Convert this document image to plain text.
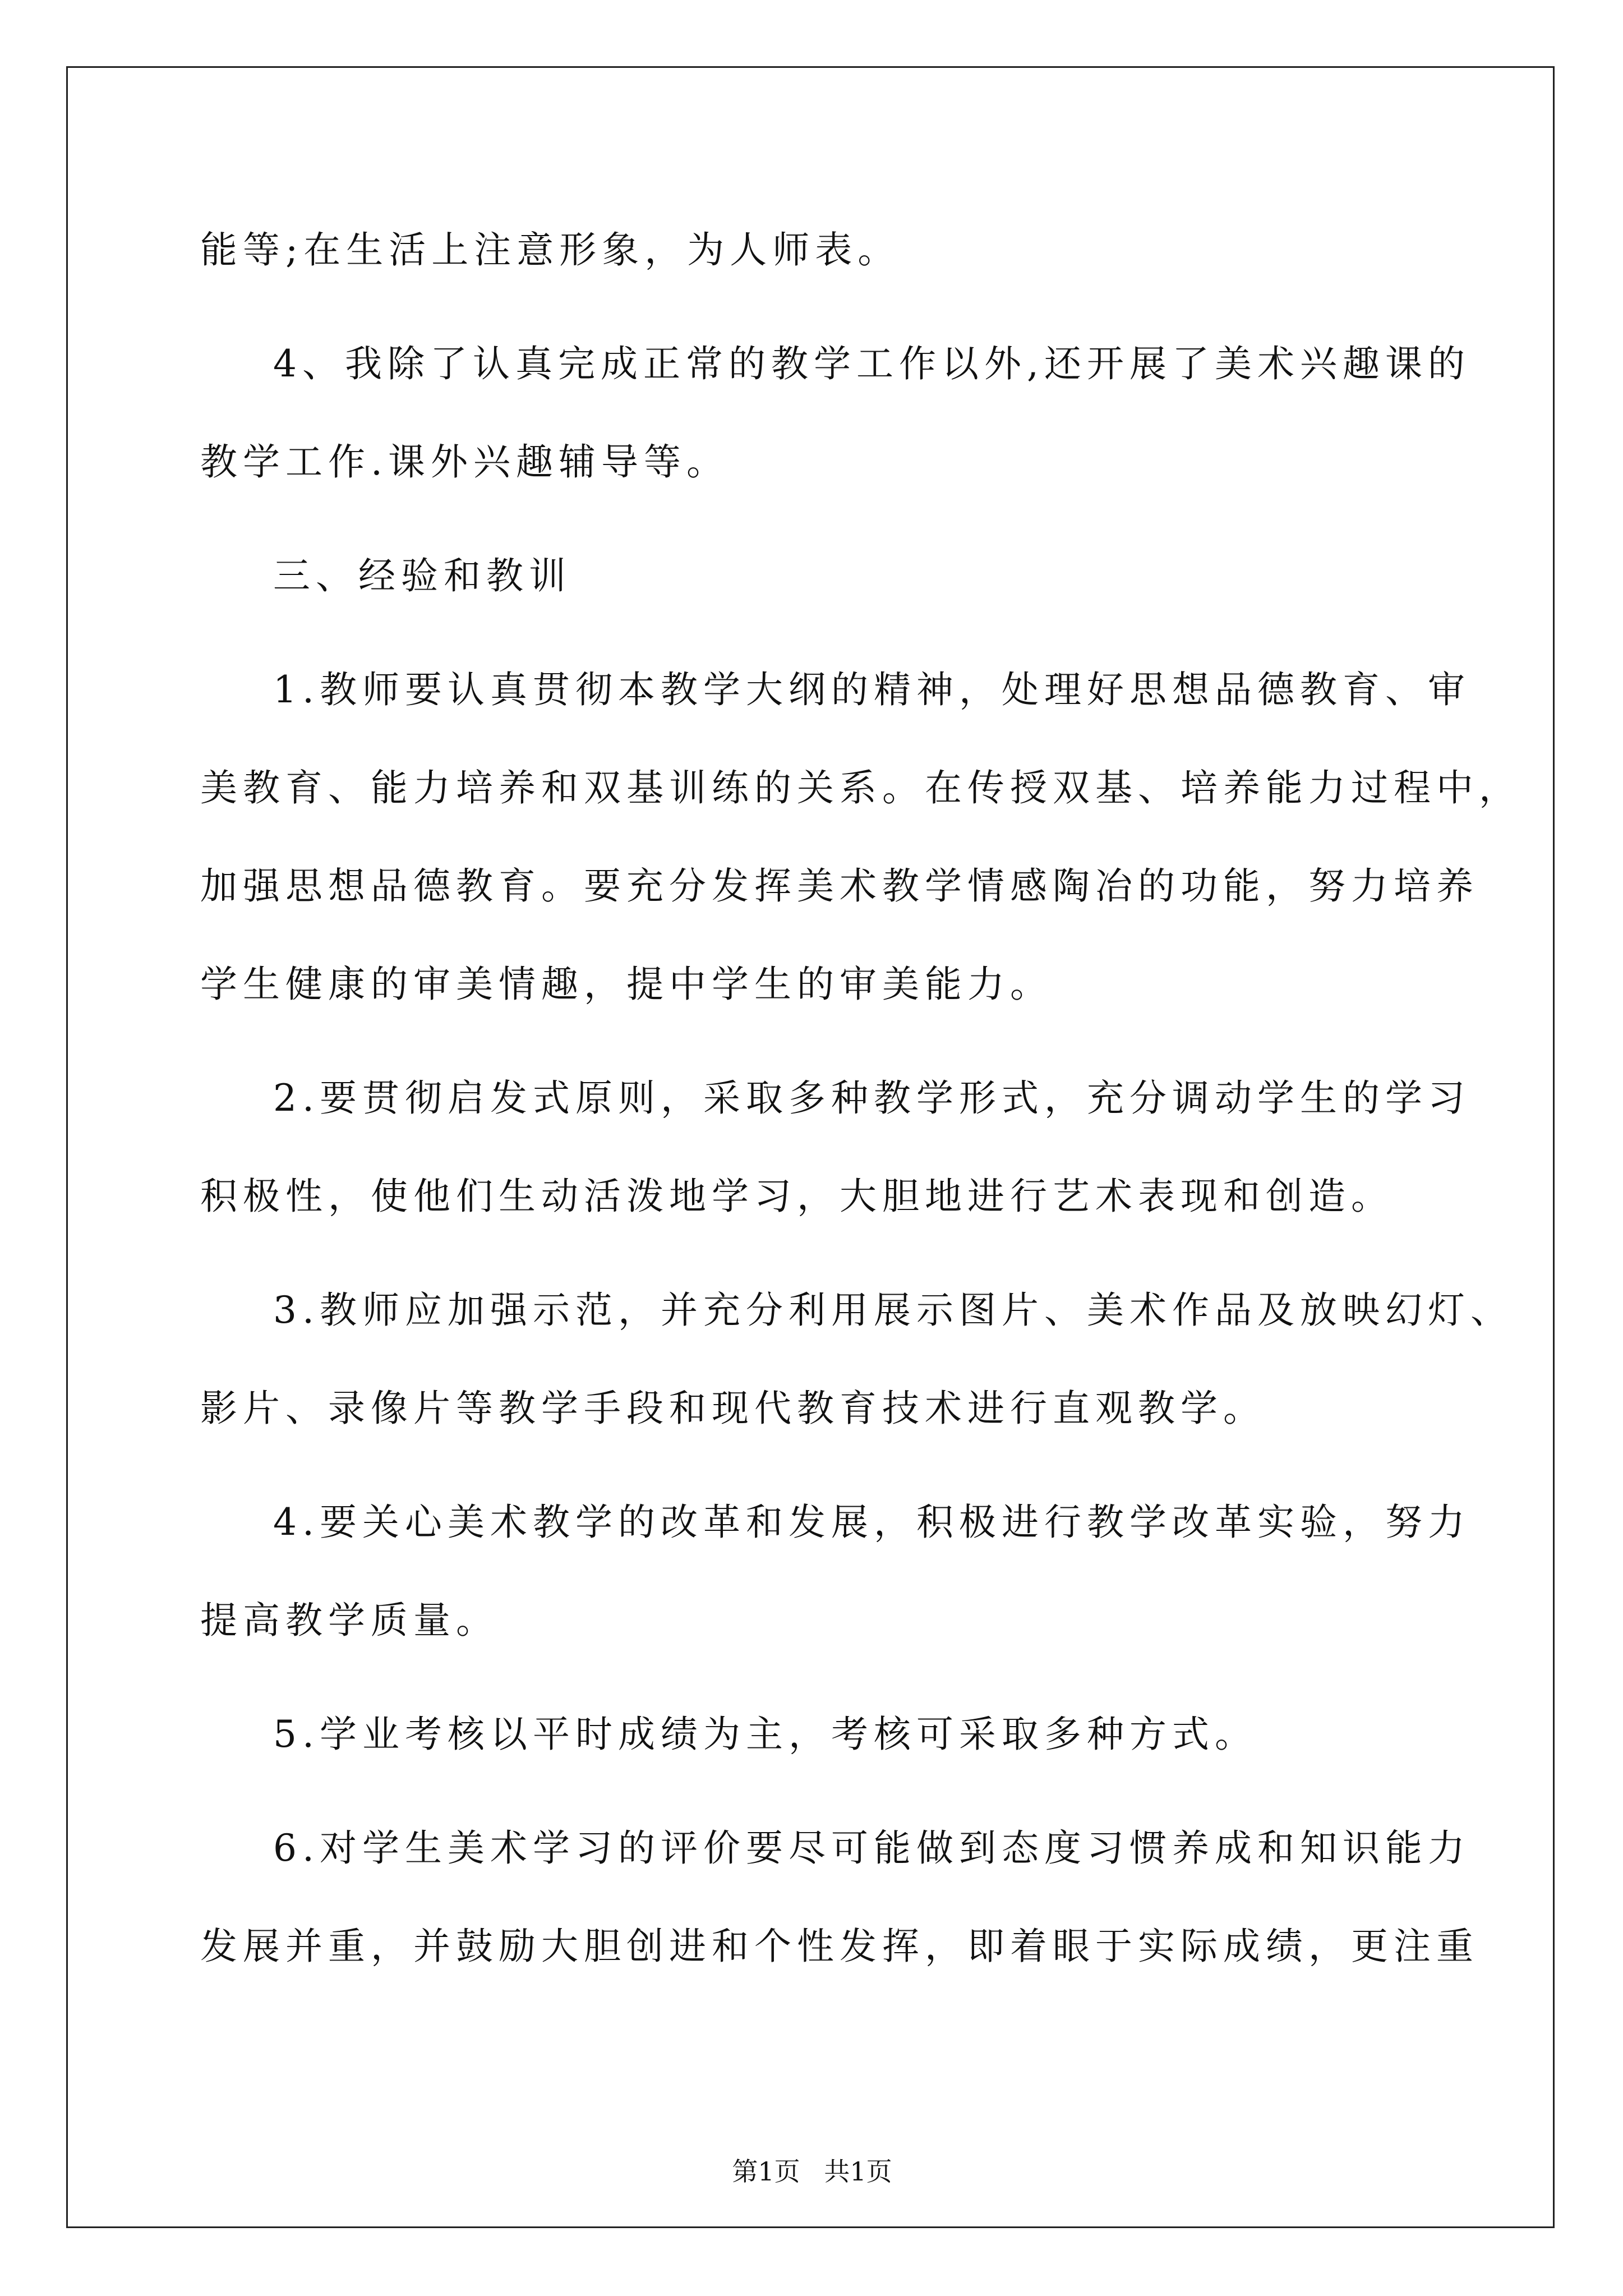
能等;在生活上注意形象，为人师表。
4、我除了认真完成正常的教学工作以外,还开展了美术兴趣课的
教学工作.课外兴趣辅导等。
三、经验和教训
1.教师要认真贯彻本教学大纲的精神，处理好思想品德教育、审
美教育、能力培养和双基训练的关系。在传授双基、培养能力过程中，
加强思想品德教育。要充分发挥美术教学情感陶冶的功能，努力培养
学生健康的审美情趣，提中学生的审美能力。
2.要贯彻启发式原则，采取多种教学形式，充分调动学生的学习
积极性，使他们生动活泼地学习，大胆地进行艺术表现和创造。
3.教师应加强示范，并充分利用展示图片、美术作品及放映幻灯、
影片、录像片等教学手段和现代教育技术进行直观教学。
4.要关心美术教学的改革和发展，积极进行教学改革实验，努力
提高教学质量。
5.学业考核以平时成绩为主，考核可采取多种方式。
6.对学生美术学习的评价要尽可能做到态度习惯养成和知识能力
发展并重，并鼓励大胆创进和个性发挥，即着眼于实际成绩，更注重
第1页 共1页
